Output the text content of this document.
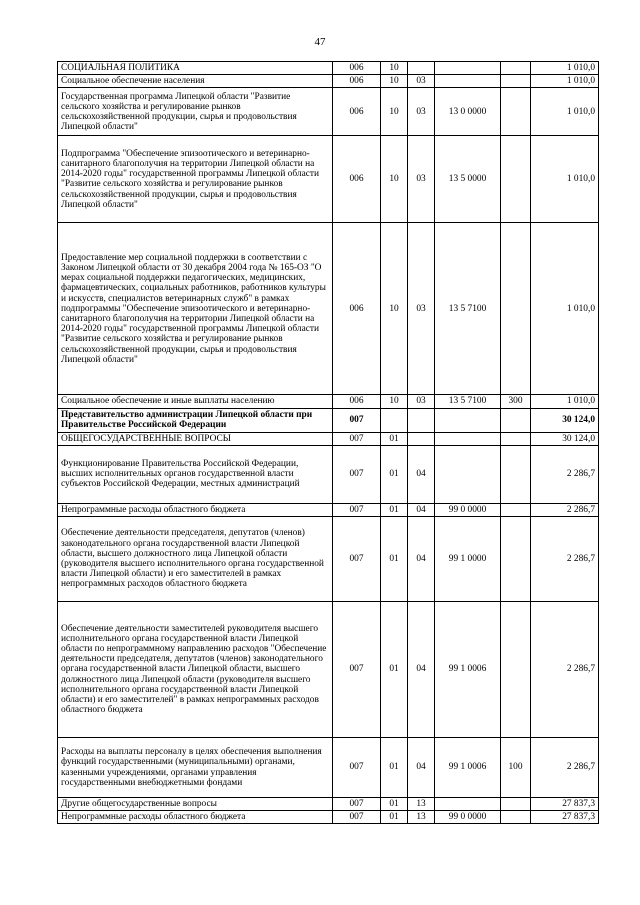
47
СОЦИАЛЬНАЯ ПОЛИТИКА	006	10				1 010,0
Социальное обеспечение населения	006	10	03			1 010,0
Государственная программа Липецкой области "Развитие сельского хозяйства и регулирование рынков сельскохозяйственной продукции, сырья и продовольствия Липецкой области"	006	10	03	13 0 0000		1 010,0
Подпрограмма "Обеспечение эпизоотического и ветеринарно-санитарного благополучия на территории Липецкой области на 2014-2020 годы" государственной программы Липецкой области "Развитие сельского хозяйства и регулирование рынков сельскохозяйственной продукции, сырья и продовольствия Липецкой области"	006	10	03	13 5 0000		1 010,0
Предоставление мер социальной поддержки в соответствии с Законом Липецкой области от 30 декабря 2004 года № 165-ОЗ "О мерах социальной поддержки педагогических, медицинских, фармацевтических, социальных работников, работников культуры и искусств, специалистов ветеринарных служб" в рамках подпрограммы "Обеспечение эпизоотического и ветеринарно-санитарного благополучия на территории Липецкой области на 2014-2020 годы" государственной программы Липецкой области "Развитие сельского хозяйства и регулирование рынков сельскохозяйственной продукции, сырья и продовольствия Липецкой области"	006	10	03	13 5 7100		1 010,0
Социальное обеспечение и иные выплаты населению	006	10	03	13 5 7100	300	1 010,0
Представительство администрации Липецкой области при Правительстве Российской Федерации	007					30 124,0
ОБЩЕГОСУДАРСТВЕННЫЕ ВОПРОСЫ	007	01				30 124,0
Функционирование Правительства Российской Федерации, высших исполнительных органов государственной власти субъектов Российской Федерации, местных администраций	007	01	04			2 286,7
Непрограммные расходы областного бюджета	007	01	04	99 0 0000		2 286,7
Обеспечение деятельности председателя, депутатов (членов) законодательного органа государственной власти Липецкой области, высшего должностного лица Липецкой области (руководителя высшего исполнительного органа государственной власти Липецкой области) и его заместителей в рамках непрограммных расходов областного бюджета	007	01	04	99 1 0000		2 286,7
Обеспечение деятельности заместителей руководителя высшего исполнительного органа государственной власти Липецкой области по непрограммному направлению расходов "Обеспечение деятельности председателя, депутатов (членов) законодательного органа государственной власти Липецкой области, высшего должностного лица Липецкой области (руководителя высшего исполнительного органа государственной власти Липецкой области) и его заместителей" в рамках непрограммных расходов областного бюджета	007	01	04	99 1 0006		2 286,7
Расходы на выплаты персоналу в целях обеспечения выполнения функций государственными (муниципальными) органами, казенными учреждениями, органами управления государственными внебюджетными фондами	007	01	04	99 1 0006	100	2 286,7
Другие общегосударственные вопросы	007	01	13			27 837,3
Непрограммные расходы областного бюджета	007	01	13	99 0 0000		27 837,3
